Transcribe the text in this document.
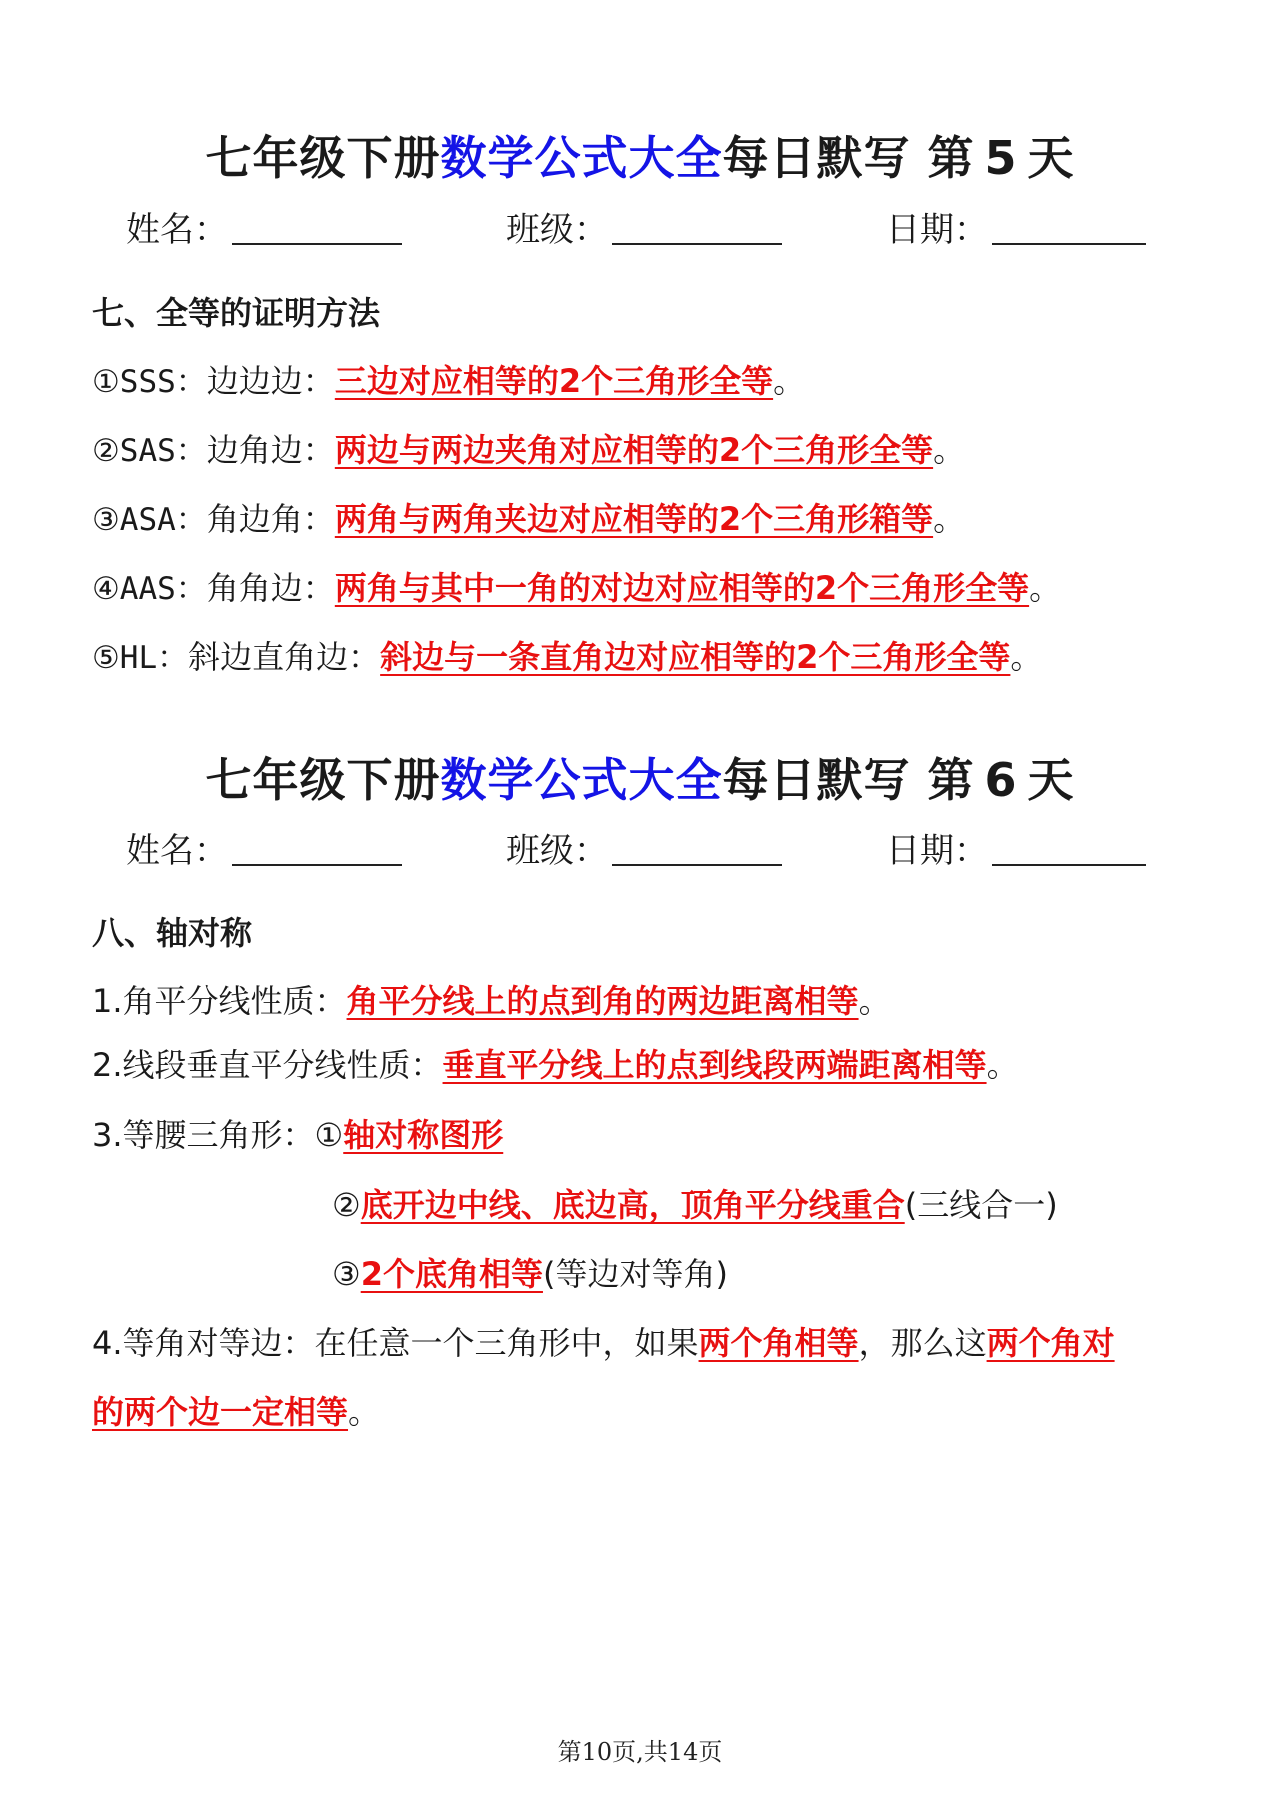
七年级下册数学公式大全每日默写 第 5 天
姓名：	班级：	日期：
七、全等的证明方法
①SSS：边边边：三边对应相等的2个三角形全等。
②SAS：边角边：两边与两边夹角对应相等的2个三角形全等。
③ASA：角边角：两角与两角夹边对应相等的2个三角形箱等。
④AAS：角角边：两角与其中一角的对边对应相等的2个三角形全等。
⑤HL：斜边直角边：斜边与一条直角边对应相等的2个三角形全等。
七年级下册数学公式大全每日默写 第 6 天
姓名：	班级：	日期：
八、轴对称
1.角平分线性质：角平分线上的点到角的两边距离相等。
2.线段垂直平分线性质：垂直平分线上的点到线段两端距离相等。
3.等腰三角形：①轴对称图形
②底开边中线、底边高，顶角平分线重合(三线合一)
③2个底角相等(等边对等角)
4.等角对等边：在任意一个三角形中，如果两个角相等，那么这两个角对
的两个边一定相等。
第10页,共14页
